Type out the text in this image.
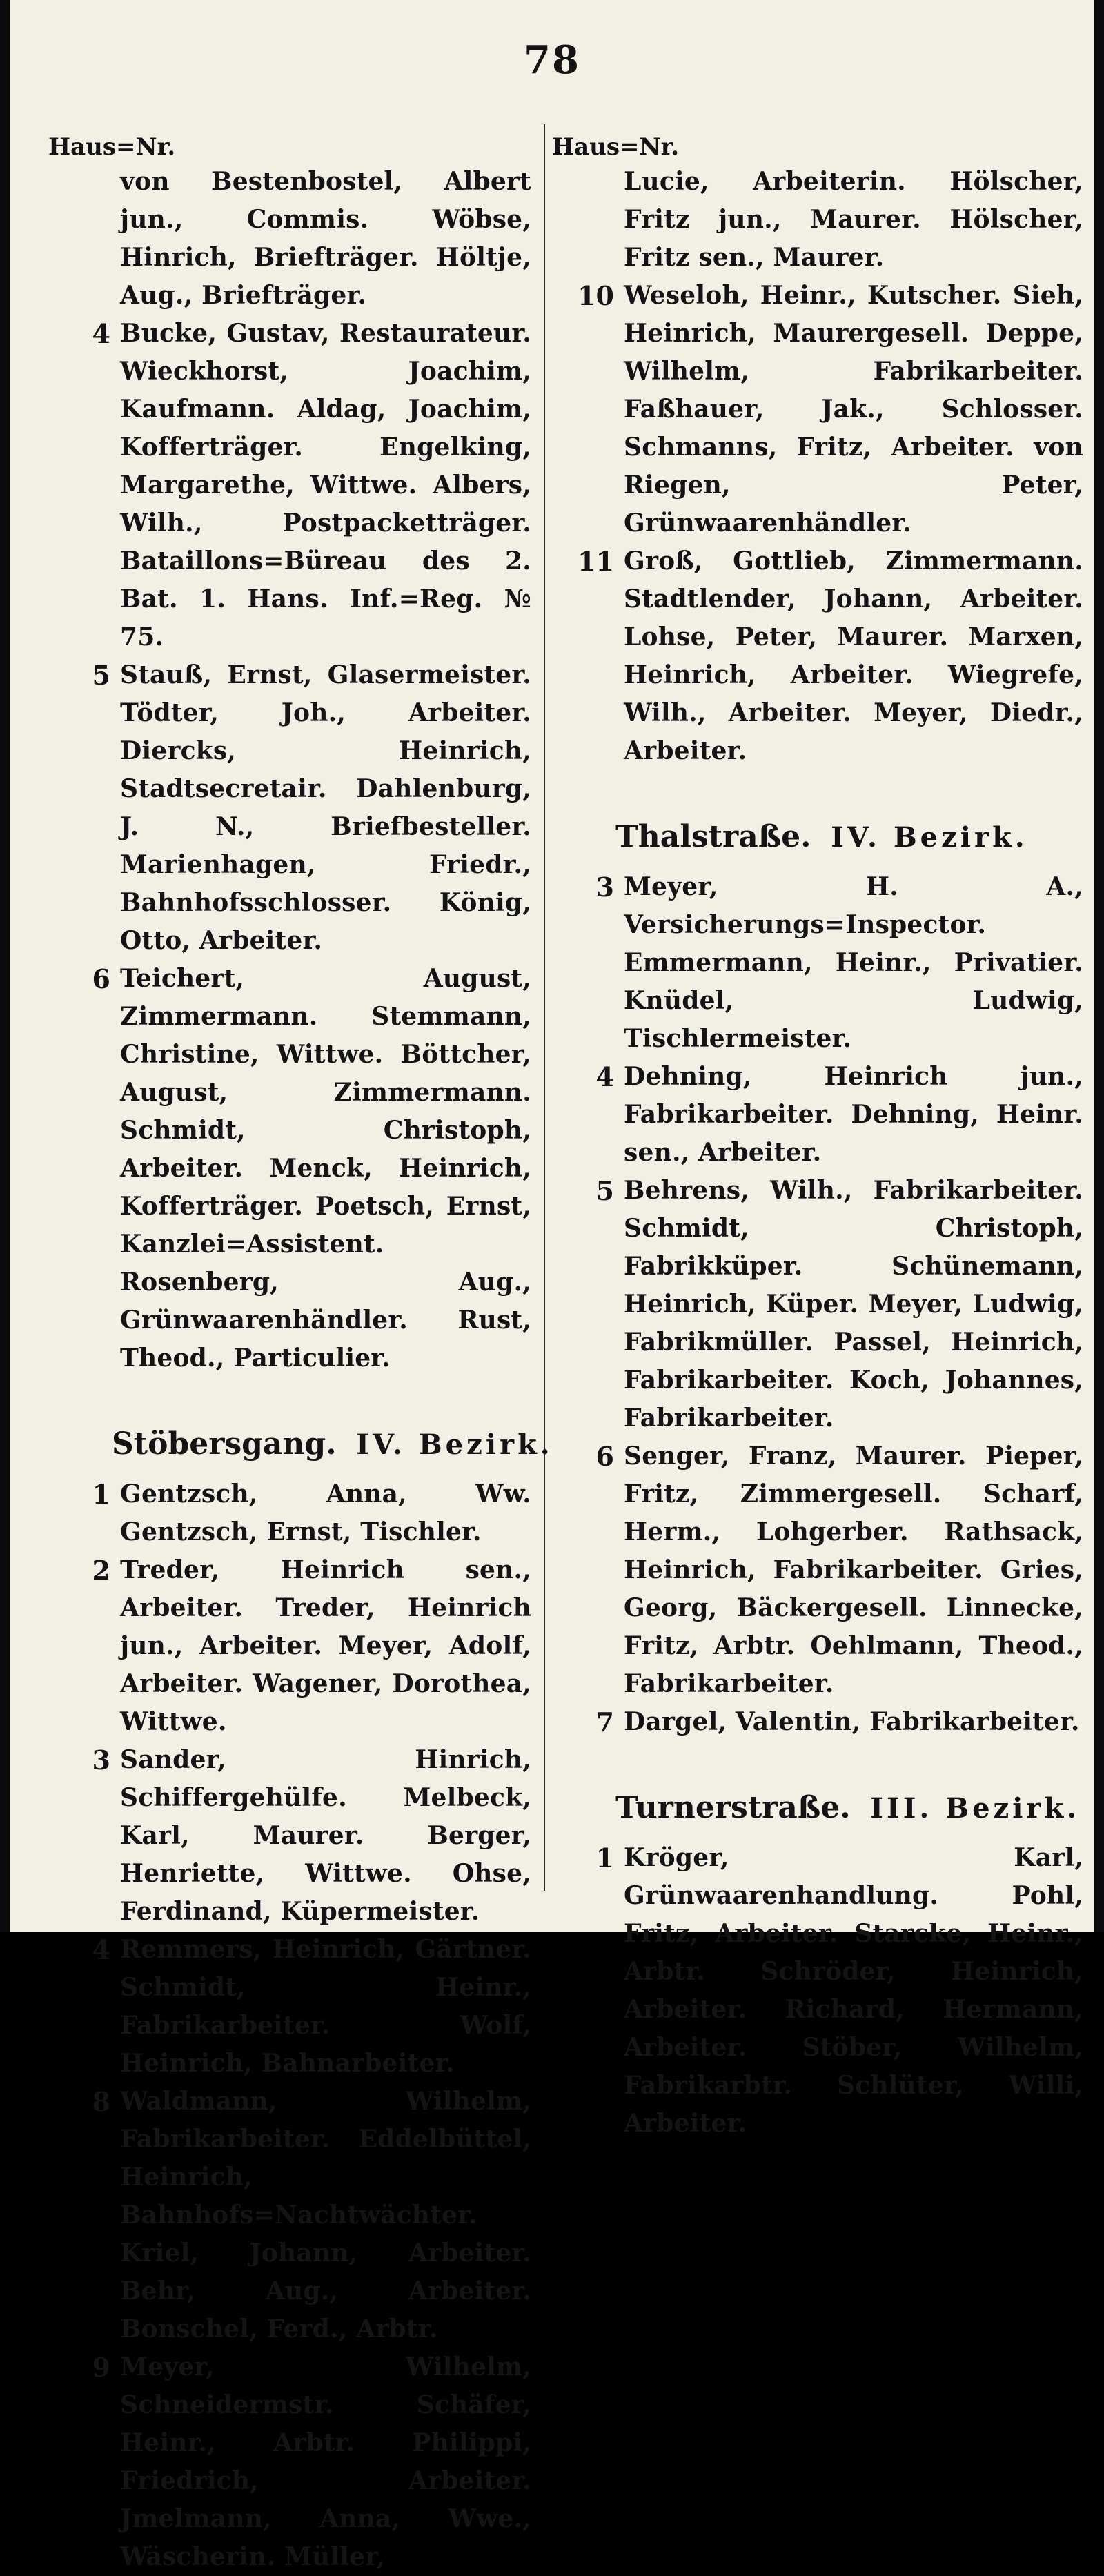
78
Haus=Nr.
von Bestenbostel, Albert jun., Commis. Wöbse, Hinrich, Briefträger. Höltje, Aug., Briefträger.
4 Bucke, Gustav, Restaurateur. Wieckhorst, Joachim, Kaufmann. Aldag, Joachim, Kofferträger. Engelking, Margarethe, Wittwe. Albers, Wilh., Postpacketträger. Bataillons=Büreau des 2. Bat. 1. Hans. Inf.=Reg. № 75.
5 Stauß, Ernst, Glasermeister. Tödter, Joh., Arbeiter. Diercks, Heinrich, Stadtsecretair. Dahlenburg, J. N., Briefbesteller. Marienhagen, Friedr., Bahnhofsschlosser. König, Otto, Arbeiter.
6 Teichert, August, Zimmermann. Stemmann, Christine, Wittwe. Böttcher, August, Zimmermann. Schmidt, Christoph, Arbeiter. Menck, Heinrich, Kofferträger. Poetsch, Ernst, Kanzlei=Assistent. Rosenberg, Aug., Grünwaarenhändler. Rust, Theod., Particulier.
Stöbersgang. IV. Bezirk.
1 Gentzsch, Anna, Ww. Gentzsch, Ernst, Tischler.
2 Treder, Heinrich sen., Arbeiter. Treder, Heinrich jun., Arbeiter. Meyer, Adolf, Arbeiter. Wagener, Dorothea, Wittwe.
3 Sander, Hinrich, Schiffergehülfe. Melbeck, Karl, Maurer. Berger, Henriette, Wittwe. Ohse, Ferdinand, Küpermeister.
4 Remmers, Heinrich, Gärtner. Schmidt, Heinr., Fabrikarbeiter. Wolf, Heinrich, Bahnarbeiter.
8 Waldmann, Wilhelm, Fabrikarbeiter. Eddelbüttel, Heinrich, Bahnhofs=Nachtwächter. Kriel, Johann, Arbeiter. Behr, Aug., Arbeiter. Bonschel, Ferd., Arbtr.
9 Meyer, Wilhelm, Schneidermstr. Schäfer, Heinr., Arbtr. Philippi, Friedrich, Arbeiter. Jmelmann, Anna, Wwe., Wäscherin. Müller,
Haus=Nr.
Lucie, Arbeiterin. Hölscher, Fritz jun., Maurer. Hölscher, Fritz sen., Maurer.
10 Weseloh, Heinr., Kutscher. Sieh, Heinrich, Maurergesell. Deppe, Wilhelm, Fabrikarbeiter. Faßhauer, Jak., Schlosser. Schmanns, Fritz, Arbeiter. von Riegen, Peter, Grünwaarenhändler.
11 Groß, Gottlieb, Zimmermann. Stadtlender, Johann, Arbeiter. Lohse, Peter, Maurer. Marxen, Heinrich, Arbeiter. Wiegrefe, Wilh., Arbeiter. Meyer, Diedr., Arbeiter.
Thalstraße. IV. Bezirk.
3 Meyer, H. A., Versicherungs=Inspector. Emmermann, Heinr., Privatier. Knüdel, Ludwig, Tischlermeister.
4 Dehning, Heinrich jun., Fabrikarbeiter. Dehning, Heinr. sen., Arbeiter.
5 Behrens, Wilh., Fabrikarbeiter. Schmidt, Christoph, Fabrikküper. Schünemann, Heinrich, Küper. Meyer, Ludwig, Fabrikmüller. Passel, Heinrich, Fabrikarbeiter. Koch, Johannes, Fabrikarbeiter.
6 Senger, Franz, Maurer. Pieper, Fritz, Zimmergesell. Scharf, Herm., Lohgerber. Rathsack, Heinrich, Fabrikarbeiter. Gries, Georg, Bäckergesell. Linnecke, Fritz, Arbtr. Oehlmann, Theod., Fabrikarbeiter.
7 Dargel, Valentin, Fabrikarbeiter.
Turnerstraße. III. Bezirk.
1 Kröger, Karl, Grünwaarenhandlung. Pohl, Fritz, Arbeiter. Starcke, Heinr., Arbtr. Schröder, Heinrich, Arbeiter. Richard, Hermann, Arbeiter. Stöber, Wilhelm, Fabrikarbtr. Schlüter, Willi, Arbeiter.
